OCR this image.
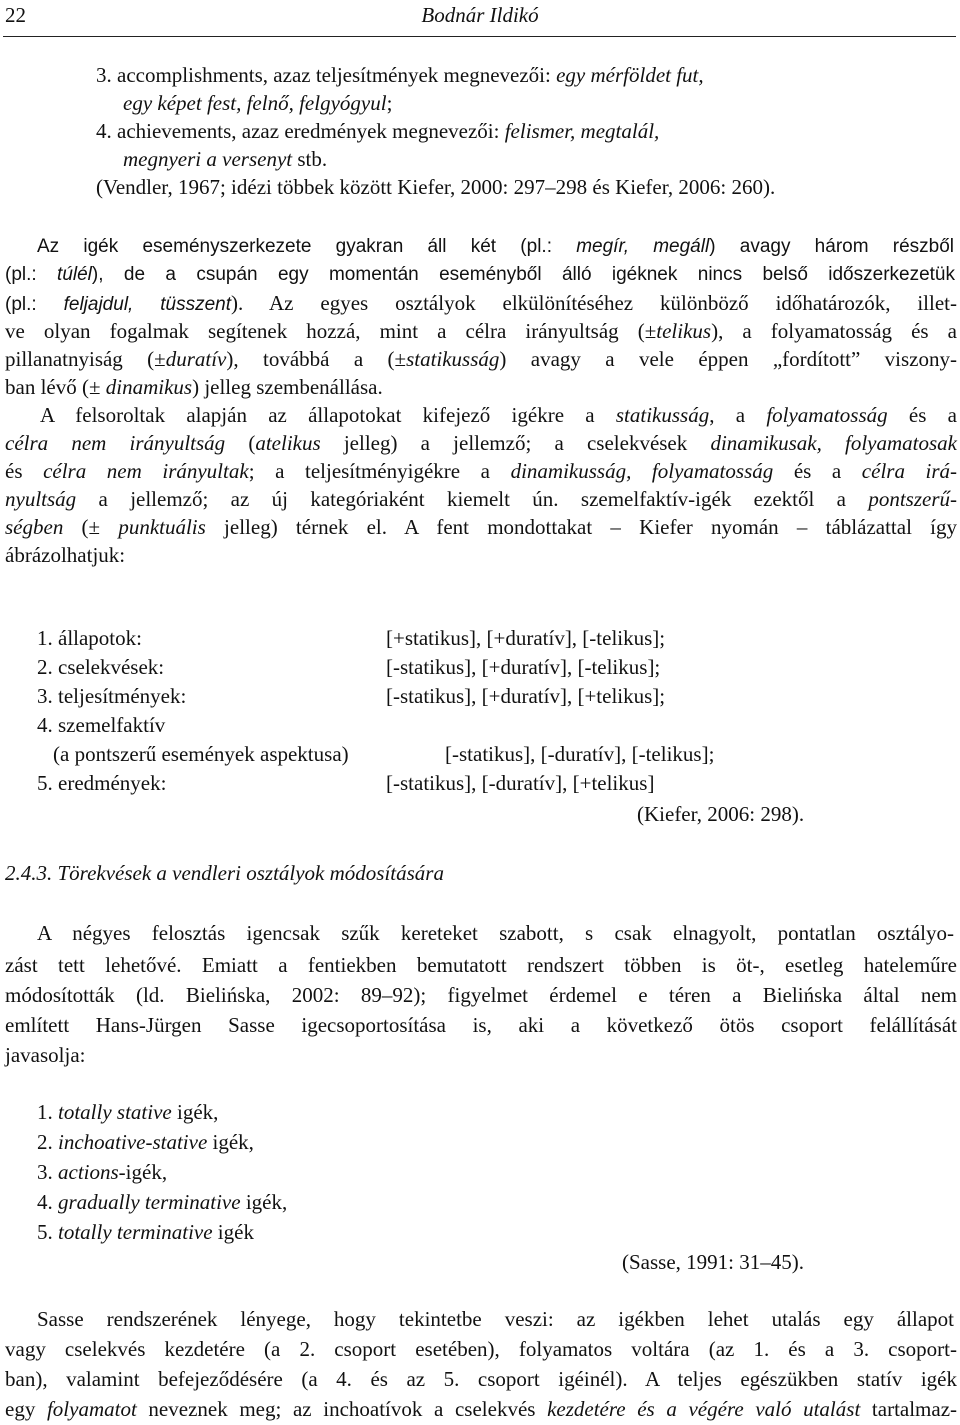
22	Bodnár Ildikó
3. accomplishments, azaz teljesítmények megnevezői: egy mérföldet fut,
egy képet fest, felnő, felgyógyul;
4. achievements, azaz eredmények megnevezői: felismer, megtalál,
megnyeri a versenyt stb.
(Vendler, 1967; idézi többek között Kiefer, 2000: 297–298 és Kiefer, 2006: 260).
Az igék eseményszerkezete gyakran áll két (pl.: megír, megáll) avagy három részből
(pl.: túlél), de a csupán egy momentán eseményből álló igéknek nincs belső időszerkezetük
(pl.: feljajdul, tüsszent). Az egyes osztályok elkülönítéséhez különböző időhatározók, illet-
ve olyan fogalmak segítenek hozzá, mint a célra irányultság (±telikus), a folyamatosság és a
pillanatnyiság (±duratív), továbbá a (±statikusság) avagy a vele éppen „fordított” viszony-
ban lévő (± dinamikus) jelleg szembenállása.
A felsoroltak alapján az állapotokat kifejező igékre a statikusság, a folyamatosság és a
célra nem irányultság (atelikus jelleg) a jellemző; a cselekvések dinamikusak, folyamatosak
és célra nem irányultak; a teljesítményigékre a dinamikusság, folyamatosság és a célra irá-
nyultság a jellemző; az új kategóriaként kiemelt ún. szemelfaktív-igék ezektől a pontszerű-
ségben (± punktuális jelleg) térnek el. A fent mondottakat – Kiefer nyomán – táblázattal így
ábrázolhatjuk:
1. állapotok:	[+statikus], [+duratív], [-telikus];
2. cselekvések:	[-statikus], [+duratív], [-telikus];
3. teljesítmények:	[-statikus], [+duratív], [+telikus];
4. szemelfaktív
(a pontszerű események aspektusa)	[-statikus], [-duratív], [-telikus];
5. eredmények:	[-statikus], [-duratív], [+telikus]
(Kiefer, 2006: 298).
2.4.3. Törekvések a vendleri osztályok módosítására
A négyes felosztás igencsak szűk kereteket szabott, s csak elnagyolt, pontatlan osztályo-
zást tett lehetővé. Emiatt a fentiekben bemutatott rendszert többen is öt-, esetleg hateleműre
módosították (ld. Bielińska, 2002: 89–92); figyelmet érdemel e téren a Bielińska által nem
említett Hans-Jürgen Sasse igecsoportosítása is, aki a következő ötös csoport felállítását
javasolja:
1. totally stative igék,
2. inchoative-stative igék,
3. actions-igék,
4. gradually terminative igék,
5. totally terminative igék
(Sasse, 1991: 31–45).
Sasse rendszerének lényege, hogy tekintetbe veszi: az igékben lehet utalás egy állapot
vagy cselekvés kezdetére (a 2. csoport esetében), folyamatos voltára (az 1. és a 3. csoport-
ban), valamint befejeződésére (a 4. és az 5. csoport igéinél). A teljes egészükben statív igék
egy folyamatot neveznek meg; az inchoatívok a cselekvés kezdetére és a végére való utalást tartalmaz-
